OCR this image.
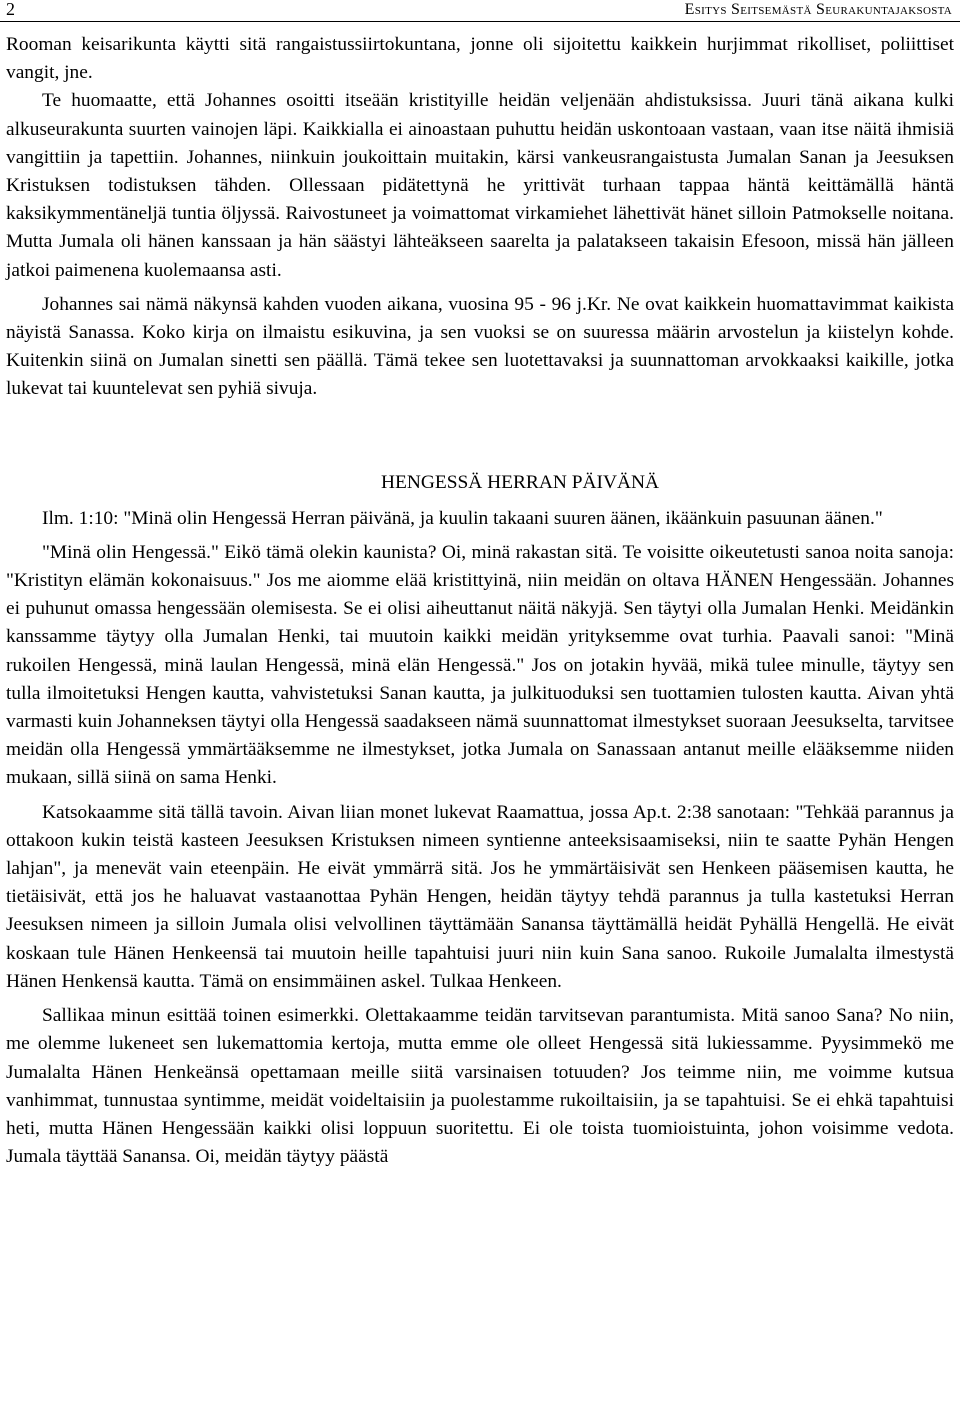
2	Esitys Seitsemästä Seurakuntajaksosta

Rooman keisarikunta käytti sitä rangaistussiirtokuntana, jonne oli sijoitettu kaikkein hurjimmat rikolliset, poliittiset vangit, jne.

Te huomaatte, että Johannes osoitti itseään kristityille heidän veljenään ahdistuksissa. Juuri tänä aikana kulki alkuseurakunta suurten vainojen läpi. Kaikkialla ei ainoastaan puhuttu heidän uskontoaan vastaan, vaan itse näitä ihmisiä vangittiin ja tapettiin. Johannes, niinkuin joukoittain muitakin, kärsi vankeusrangaistusta Jumalan Sanan ja Jeesuksen Kristuksen todistuksen tähden. Ollessaan pidätettynä he yrittivät turhaan tappaa häntä keittämällä häntä kaksikymmentäneljä tuntia öljyssä. Raivostuneet ja voimattomat virkamiehet lähettivät hänet silloin Patmokselle noitana. Mutta Jumala oli hänen kanssaan ja hän säästyi lähteäkseen saarelta ja palatakseen takaisin Efesoon, missä hän jälleen jatkoi paimenena kuolemaansa asti.

Johannes sai nämä näkynsä kahden vuoden aikana, vuosina 95 - 96 j.Kr. Ne ovat kaikkein huomattavimmat kaikista näyistä Sanassa. Koko kirja on ilmaistu esikuvina, ja sen vuoksi se on suuressa määrin arvostelun ja kiistelyn kohde. Kuitenkin siinä on Jumalan sinetti sen päällä. Tämä tekee sen luotettavaksi ja suunnattoman arvokkaaksi kaikille, jotka lukevat tai kuuntelevat sen pyhiä sivuja.

HENGESSÄ HERRAN PÄIVÄNÄ

Ilm. 1:10: "Minä olin Hengessä Herran päivänä, ja kuulin takaani suuren äänen, ikäänkuin pasuunan äänen."

"Minä olin Hengessä." Eikö tämä olekin kaunista? Oi, minä rakastan sitä. Te voisitte oikeutetusti sanoa noita sanoja: "Kristityn elämän kokonaisuus." Jos me aiomme elää kristittyinä, niin meidän on oltava HÄNEN Hengessään. Johannes ei puhunut omassa hengessään olemisesta. Se ei olisi aiheuttanut näitä näkyjä. Sen täytyi olla Jumalan Henki. Meidänkin kanssamme täytyy olla Jumalan Henki, tai muutoin kaikki meidän yrityksemme ovat turhia. Paavali sanoi: "Minä rukoilen Hengessä, minä laulan Hengessä, minä elän Hengessä." Jos on jotakin hyvää, mikä tulee minulle, täytyy sen tulla ilmoitetuksi Hengen kautta, vahvistetuksi Sanan kautta, ja julkituoduksi sen tuottamien tulosten kautta. Aivan yhtä varmasti kuin Johanneksen täytyi olla Hengessä saadakseen nämä suunnattomat ilmestykset suoraan Jeesukselta, tarvitsee meidän olla Hengessä ymmärtääksemme ne ilmestykset, jotka Jumala on Sanassaan antanut meille elääksemme niiden mukaan, sillä siinä on sama Henki.

Katsokaamme sitä tällä tavoin. Aivan liian monet lukevat Raamattua, jossa Ap.t. 2:38 sanotaan: "Tehkää parannus ja ottakoon kukin teistä kasteen Jeesuksen Kristuksen nimeen syntienne anteeksisaamiseksi, niin te saatte Pyhän Hengen lahjan", ja menevät vain eteenpäin. He eivät ymmärrä sitä. Jos he ymmärtäisivät sen Henkeen pääsemisen kautta, he tietäisivät, että jos he haluavat vastaanottaa Pyhän Hengen, heidän täytyy tehdä parannus ja tulla kastetuksi Herran Jeesuksen nimeen ja silloin Jumala olisi velvollinen täyttämään Sanansa täyttämällä heidät Pyhällä Hengellä. He eivät koskaan tule Hänen Henkeensä tai muutoin heille tapahtuisi juuri niin kuin Sana sanoo. Rukoile Jumalalta ilmestystä Hänen Henkensä kautta. Tämä on ensimmäinen askel. Tulkaa Henkeen.

Sallikaa minun esittää toinen esimerkki. Olettakaamme teidän tarvitsevan parantumista. Mitä sanoo Sana? No niin, me olemme lukeneet sen lukemattomia kertoja, mutta emme ole olleet Hengessä sitä lukiessamme. Pyysimmekö me Jumalalta Hänen Henkeänsä opettamaan meille siitä varsinaisen totuuden? Jos teimme niin, me voimme kutsua vanhimmat, tunnustaa syntimme, meidät voideltaisiin ja puolestamme rukoiltaisiin, ja se tapahtuisi. Se ei ehkä tapahtuisi heti, mutta Hänen Hengessään kaikki olisi loppuun suoritettu. Ei ole toista tuomioistuinta, johon voisimme vedota. Jumala täyttää Sanansa. Oi, meidän täytyy päästä
